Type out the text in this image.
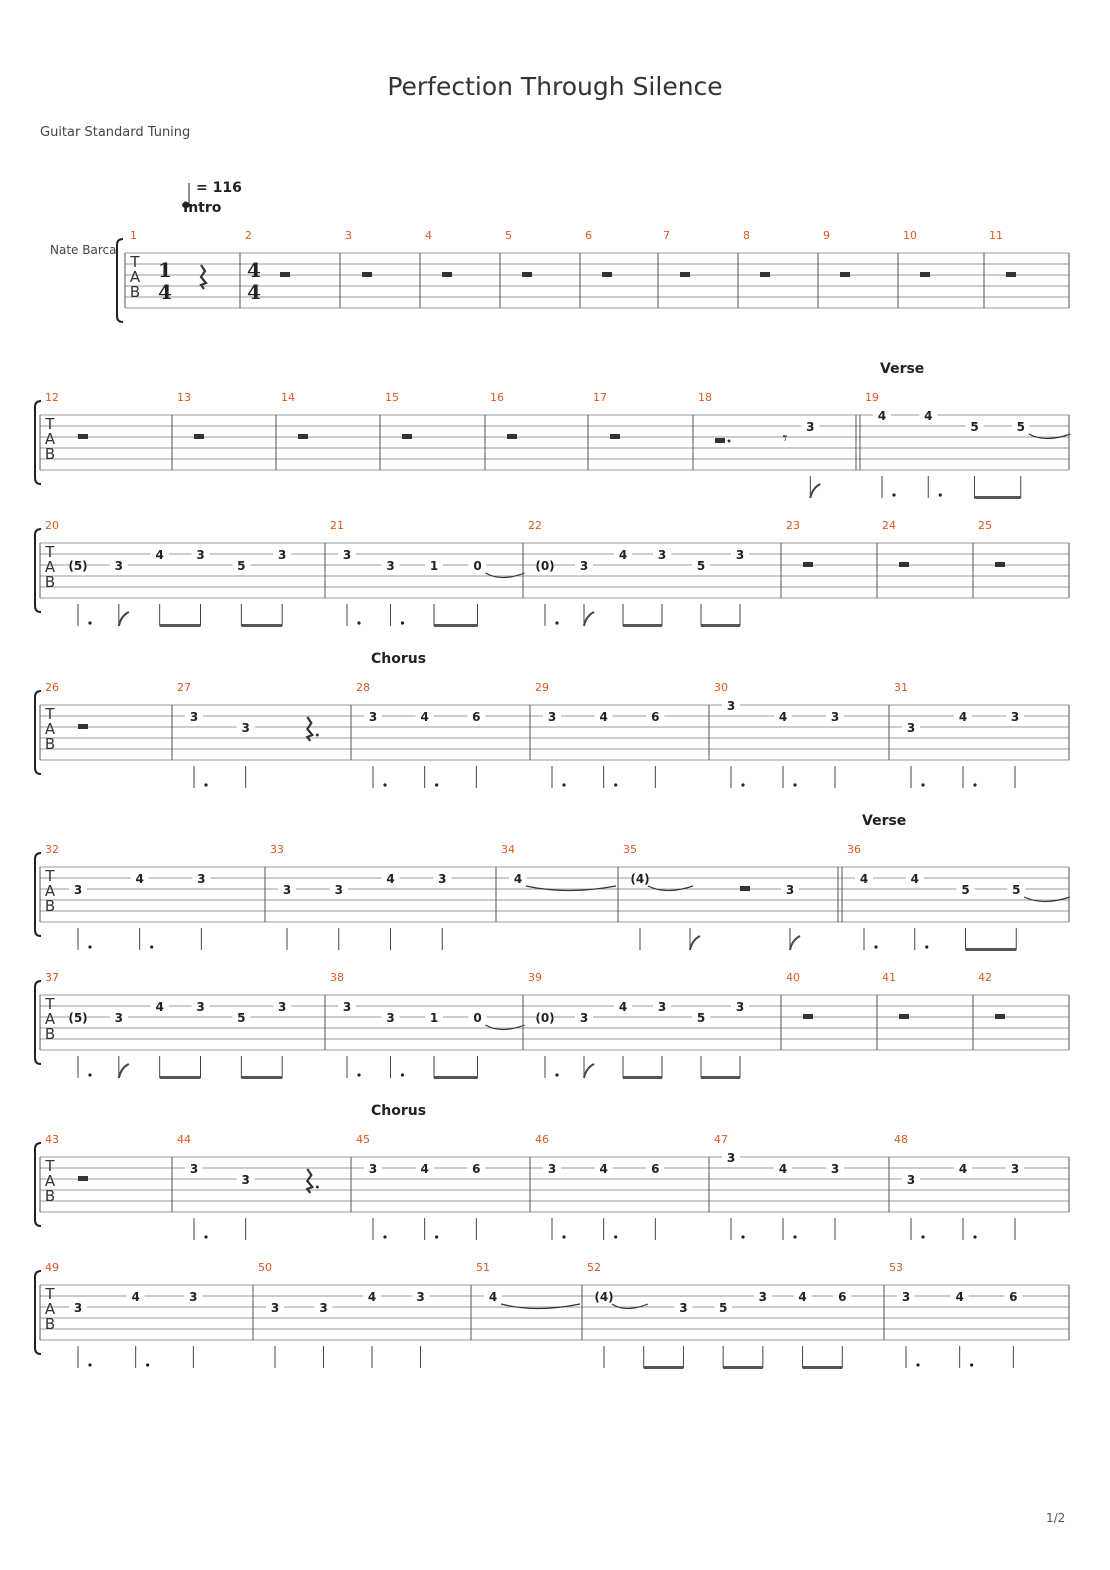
Perfection Through Silence
Guitar Standard Tuning
Nate Barca
= 116
1/2
T
A
B
1
1
4
2
Intro
4
4
3	4	5	6	7	8	9	10	11
T
A
B
12	13	14	15	16	17	18
𝄾
3
19
Verse
4	4
5	5
T
A
B
20
(5) 3
4	3
5
3
21
3
3	1	0
22
(0) 3
4	3
5
3
23	24	25
T
A
B
26	27
3
3
28
Chorus
3	4	6
29
3	4	6
30
3
4	3
31
3
4	3
T
A
B
32
3
4	3
33
3	3
4	3
34
4
35
(4)
3
36
Verse
4	4
5	5
T
A
B
37
(5) 3
4	3
5
3
38
3
3	1	0
39
(0) 3
4	3
5
3
40	41	42
T
A
B
43	44
3
3
45
Chorus
3	4	6
46
3	4	6
47
3
4	3
48
3
4	3
T
A
B
49
3
4	3
50
3	3
4	3
51
4
52
(4)
3	5
3	4	6
53
3	4	6
